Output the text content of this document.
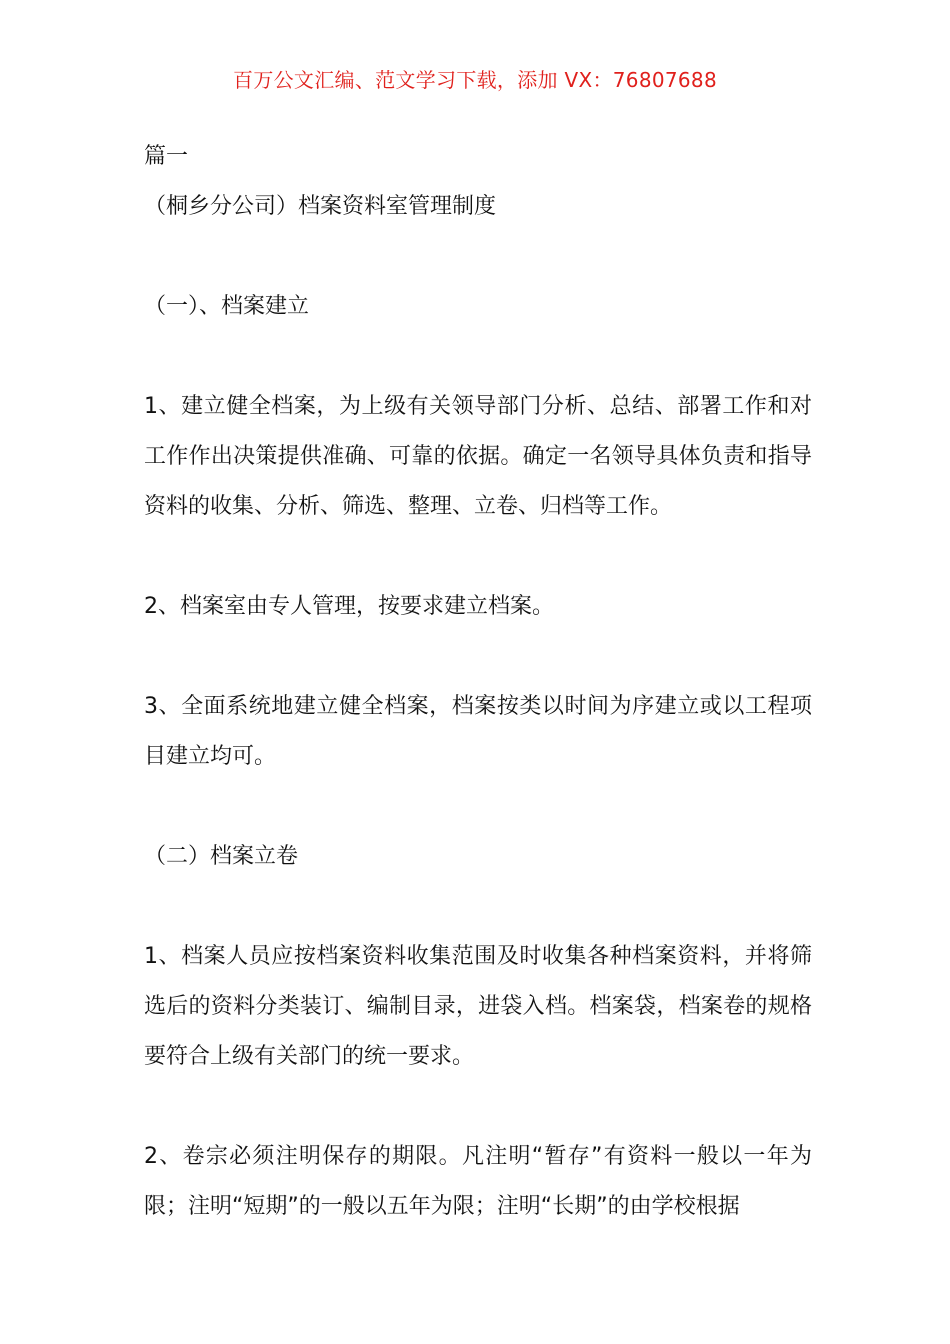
百万公文汇编、范文学习下载，添加 VX：76807688

篇一

（桐乡分公司）档案资料室管理制度

（一）、档案建立

1、建立健全档案，为上级有关领导部门分析、总结、部署工作和对工作作出决策提供准确、可靠的依据。确定一名领导具体负责和指导资料的收集、分析、筛选、整理、立卷、归档等工作。

2、档案室由专人管理，按要求建立档案。

3、全面系统地建立健全档案，档案按类以时间为序建立或以工程项目建立均可。

（二）档案立卷

1、档案人员应按档案资料收集范围及时收集各种档案资料，并将筛选后的资料分类装订、编制目录，进袋入档。档案袋，档案卷的规格要符合上级有关部门的统一要求。

2、卷宗必须注明保存的期限。凡注明“暂存”有资料一般以一年为限；注明“短期”的一般以五年为限；注明“长期”的由学校根据
